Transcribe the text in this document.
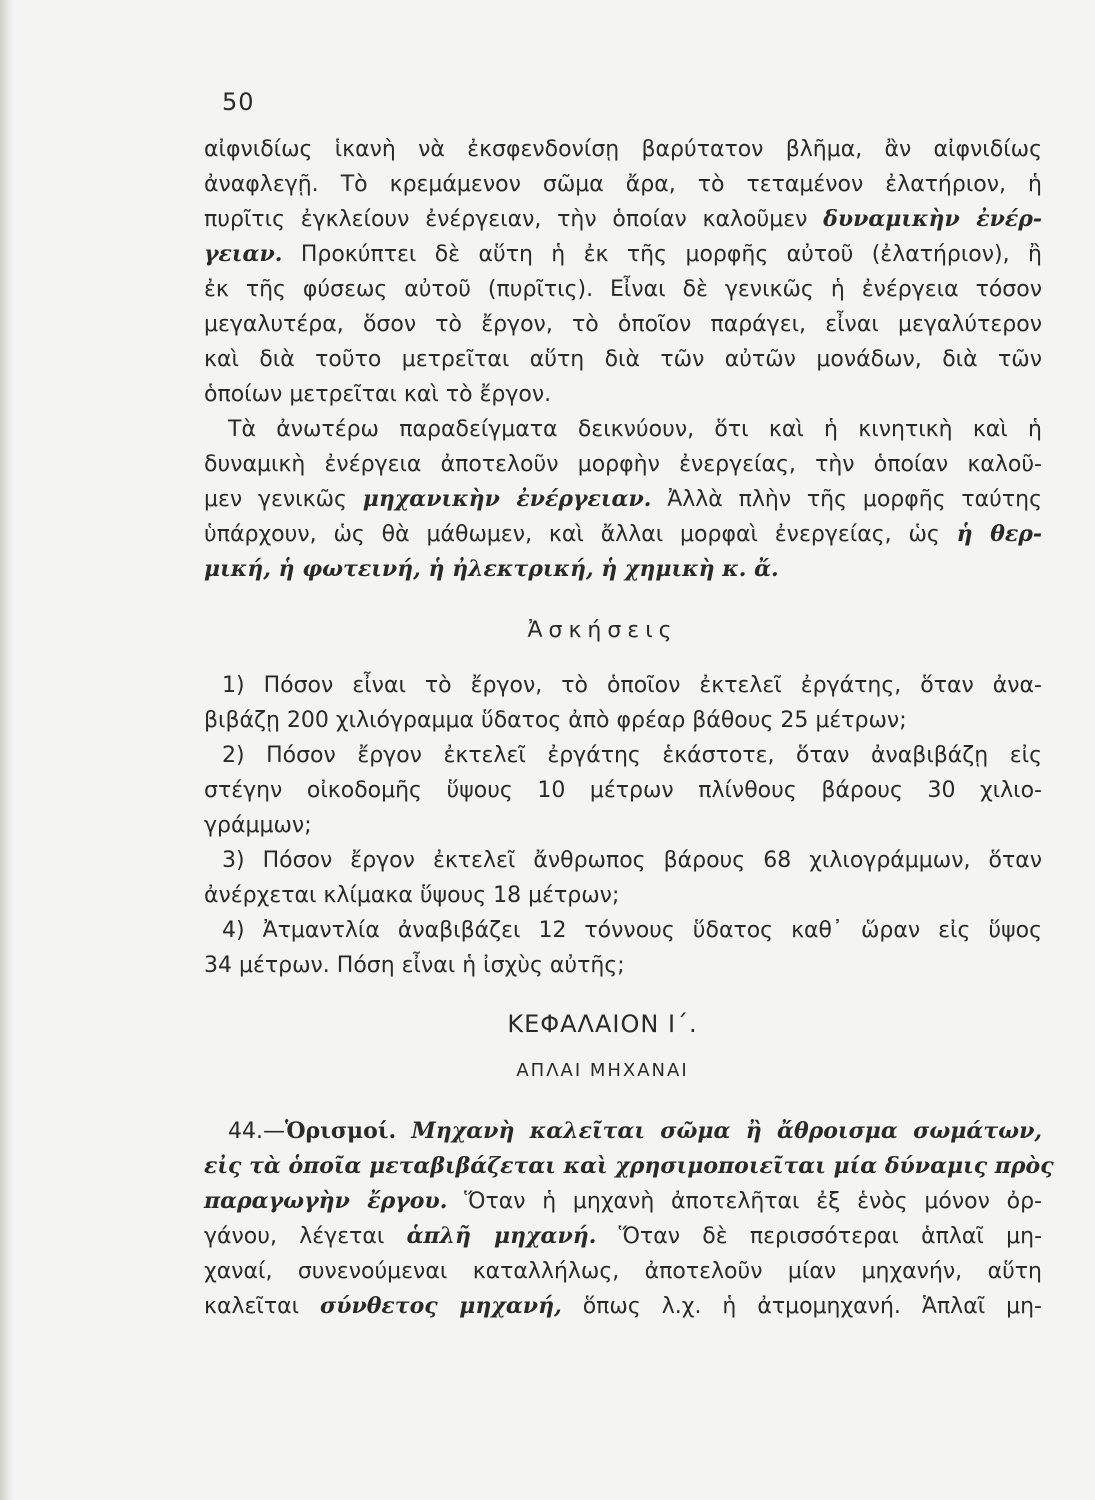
50
αἰφνιδίως ἱκανὴ νὰ ἐκσφενδονίσῃ βαρύτατον βλῆμα, ἂν αἰφνιδίως
ἀναφλεγῇ. Τὸ κρεμάμενον σῶμα ἄρα, τὸ τεταμένον ἐλατήριον, ἡ
πυρῖτις ἐγκλείουν ἐνέργειαν, τὴν ὁποίαν καλοῦμεν δυναμικὴν ἐνέρ-
γειαν. Προκύπτει δὲ αὕτη ἡ ἐκ τῆς μορφῆς αὐτοῦ (ἐλατήριον), ἢ
ἐκ τῆς φύσεως αὐτοῦ (πυρῖτις). Εἶναι δὲ γενικῶς ἡ ἐνέργεια τόσον
μεγαλυτέρα, ὅσον τὸ ἔργον, τὸ ὁποῖον παράγει, εἶναι μεγαλύτερον
καὶ διὰ τοῦτο μετρεῖται αὕτη διὰ τῶν αὐτῶν μονάδων, διὰ τῶν
ὁποίων μετρεῖται καὶ τὸ ἔργον.
Τὰ ἀνωτέρω παραδείγματα δεικνύουν, ὅτι καὶ ἡ κινητικὴ καὶ ἡ
δυναμικὴ ἐνέργεια ἀποτελοῦν μορφὴν ἐνεργείας, τὴν ὁποίαν καλοῦ-
μεν γενικῶς μηχανικὴν ἐνέργειαν. Ἀλλὰ πλὴν τῆς μορφῆς ταύτης
ὑπάρχουν, ὡς θὰ μάθωμεν, καὶ ἄλλαι μορφαὶ ἐνεργείας, ὡς ἡ θερ-
μική, ἡ φωτεινή, ἡ ἠλεκτρική, ἡ χημικὴ κ. ἄ.
Ἀσκήσεις
1) Πόσον εἶναι τὸ ἔργον, τὸ ὁποῖον ἐκτελεῖ ἐργάτης, ὅταν ἀνα-
βιβάζῃ 200 χιλιόγραμμα ὕδατος ἀπὸ φρέαρ βάθους 25 μέτρων;
2) Πόσον ἔργον ἐκτελεῖ ἐργάτης ἑκάστοτε, ὅταν ἀναβιβάζῃ εἰς
στέγην οἰκοδομῆς ὕψους 10 μέτρων πλίνθους βάρους 30 χιλιο-
γράμμων;
3) Πόσον ἔργον ἐκτελεῖ ἄνθρωπος βάρους 68 χιλιογράμμων, ὅταν
ἀνέρχεται κλίμακα ὕψους 18 μέτρων;
4) Ἀτμαντλία ἀναβιβάζει 12 τόννους ὕδατος καθ᾽ ὥραν εἰς ὕψος
34 μέτρων. Πόση εἶναι ἡ ἰσχὺς αὐτῆς;
ΚΕΦΑΛΑΙΟΝ Ι΄.
ΑΠΛΑΙ ΜΗΧΑΝΑΙ
44.—Ὁρισμοί. Μηχανὴ καλεῖται σῶμα ἢ ἄθροισμα σωμάτων,
εἰς τὰ ὁποῖα μεταβιβάζεται καὶ χρησιμοποιεῖται μία δύναμις πρὸς
παραγωγὴν ἔργου. Ὅταν ἡ μηχανὴ ἀποτελῆται ἐξ ἑνὸς μόνον ὀρ-
γάνου, λέγεται ἁπλῆ μηχανή. Ὅταν δὲ περισσότεραι ἁπλαῖ μη-
χαναί, συνενούμεναι καταλλήλως, ἀποτελοῦν μίαν μηχανήν, αὕτη
καλεῖται σύνθετος μηχανή, ὅπως λ.χ. ἡ ἀτμομηχανή. Ἁπλαῖ μη-
